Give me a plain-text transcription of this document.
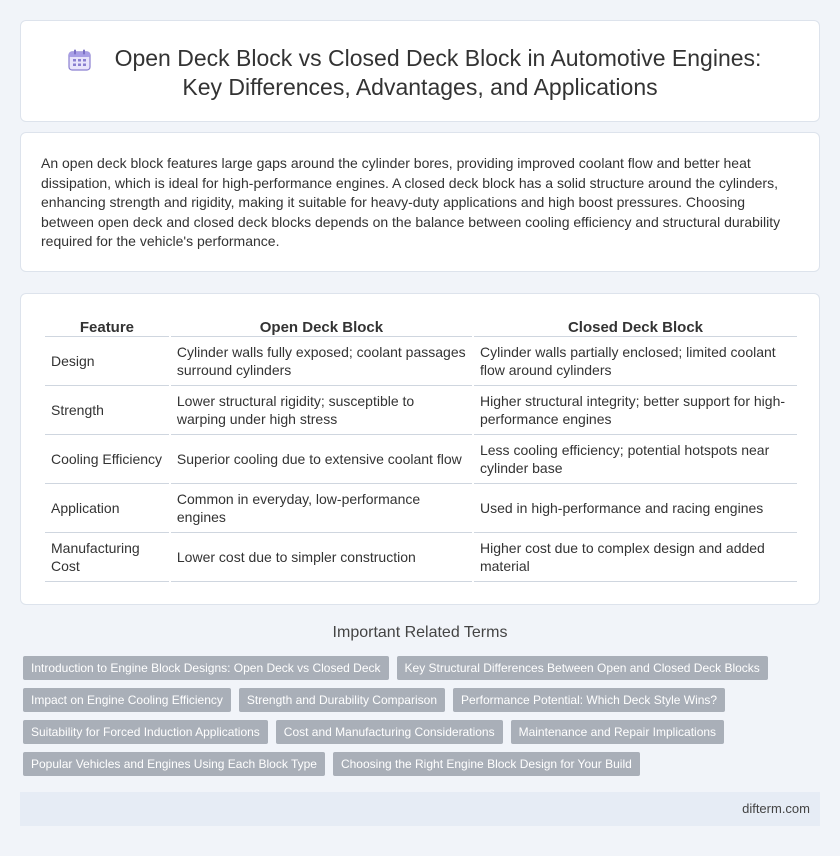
Open Deck Block vs Closed Deck Block in Automotive Engines:
Key Differences, Advantages, and Applications

An open deck block features large gaps around the cylinder bores, providing improved coolant flow and better heat dissipation, which is ideal for high-performance engines. A closed deck block has a solid structure around the cylinders, enhancing strength and rigidity, making it suitable for heavy-duty applications and high boost pressures. Choosing between open deck and closed deck blocks depends on the balance between cooling efficiency and structural durability required for the vehicle's performance.

Feature	Open Deck Block	Closed Deck Block
Design	Cylinder walls fully exposed; coolant passages surround cylinders	Cylinder walls partially enclosed; limited coolant flow around cylinders
Strength	Lower structural rigidity; susceptible to warping under high stress	Higher structural integrity; better support for high-performance engines
Cooling Efficiency	Superior cooling due to extensive coolant flow	Less cooling efficiency; potential hotspots near cylinder base
Application	Common in everyday, low-performance engines	Used in high-performance and racing engines
Manufacturing Cost	Lower cost due to simpler construction	Higher cost due to complex design and added material
Important Related Terms
Introduction to Engine Block Designs: Open Deck vs Closed Deck	Key Structural Differences Between Open and Closed Deck Blocks
Impact on Engine Cooling Efficiency	Strength and Durability Comparison	Performance Potential: Which Deck Style Wins?
Suitability for Forced Induction Applications	Cost and Manufacturing Considerations	Maintenance and Repair Implications
Popular Vehicles and Engines Using Each Block Type	Choosing the Right Engine Block Design for Your Build
difterm.com
